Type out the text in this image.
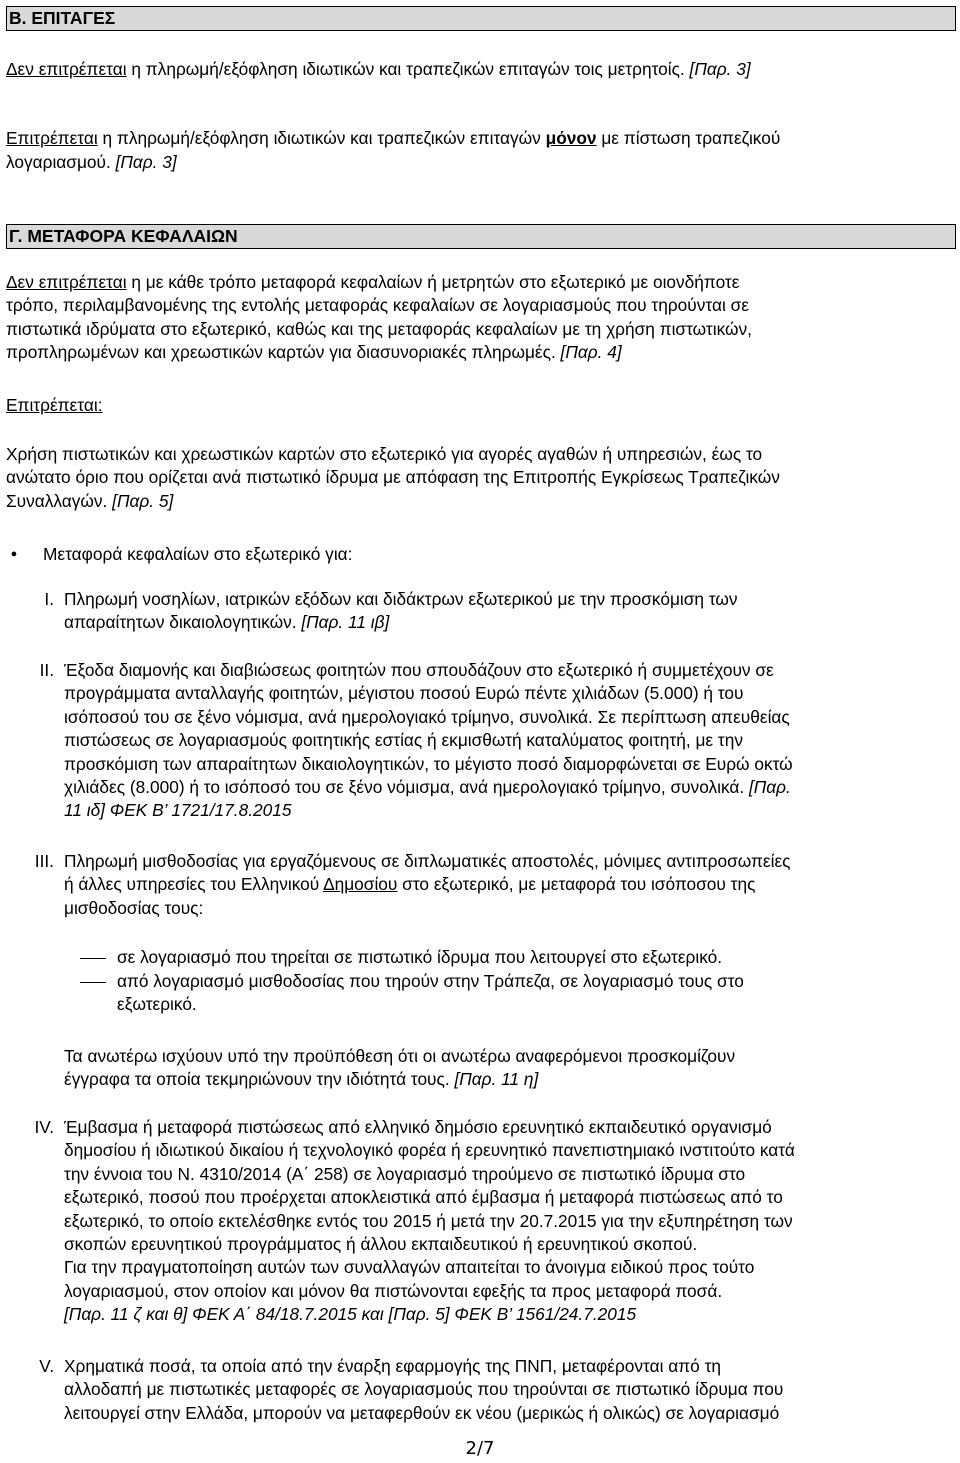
Β. ΕΠΙΤΑΓΕΣ

Δεν επιτρέπεται η πληρωμή/εξόφληση ιδιωτικών και τραπεζικών επιταγών τοις μετρητοίς. [Παρ. 3]

Επιτρέπεται η πληρωμή/εξόφληση ιδιωτικών και τραπεζικών επιταγών μόνον με πίστωση τραπεζικού

λογαριασμού. [Παρ. 3]

Γ. ΜΕΤΑΦΟΡΑ ΚΕΦΑΛΑΙΩΝ

Δεν επιτρέπεται η με κάθε τρόπο μεταφορά κεφαλαίων ή μετρητών στο εξωτερικό με οιονδήποτε

τρόπο, περιλαμβανομένης της εντολής μεταφοράς κεφαλαίων σε λογαριασμούς που τηρούνται σε

πιστωτικά ιδρύματα στο εξωτερικό, καθώς και της μεταφοράς κεφαλαίων με τη χρήση πιστωτικών,

προπληρωμένων και χρεωστικών καρτών για διασυνοριακές πληρωμές. [Παρ. 4]

Επιτρέπεται:

Χρήση πιστωτικών και χρεωστικών καρτών στο εξωτερικό για αγορές αγαθών ή υπηρεσιών, έως το

ανώτατο όριο που ορίζεται ανά πιστωτικό ίδρυμα με απόφαση της Επιτροπής Εγκρίσεως Τραπεζικών

Συναλλαγών. [Παρ. 5]

● Μεταφορά κεφαλαίων στο εξωτερικό για:
I. Πληρωμή νοσηλίων, ιατρικών εξόδων και διδάκτρων εξωτερικού με την προσκόμιση των

απαραίτητων δικαιολογητικών. [Παρ. 11 ιβ]

II. Έξοδα διαμονής και διαβιώσεως φοιτητών που σπουδάζουν στο εξωτερικό ή συμμετέχουν σε

προγράμματα ανταλλαγής φοιτητών, μέγιστου ποσού Ευρώ πέντε χιλιάδων (5.000) ή του

ισόποσού του σε ξένο νόμισμα, ανά ημερολογιακό τρίμηνο, συνολικά. Σε περίπτωση απευθείας

πιστώσεως σε λογαριασμούς φοιτητικής εστίας ή εκμισθωτή καταλύματος φοιτητή, με την

προσκόμιση των απαραίτητων δικαιολογητικών, το μέγιστο ποσό διαμορφώνεται σε Ευρώ οκτώ

χιλιάδες (8.000) ή το ισόποσό του σε ξένο νόμισμα, ανά ημερολογιακό τρίμηνο, συνολικά. [Παρ.

11 ιδ] ΦΕΚ Β’ 1721/17.8.2015

III. Πληρωμή μισθοδοσίας για εργαζόμενους σε διπλωματικές αποστολές, μόνιμες αντιπροσωπείες

ή άλλες υπηρεσίες του Ελληνικού Δημοσίου στο εξωτερικό, με μεταφορά του ισόποσου της

μισθοδοσίας τους:

σε λογαριασμό που τηρείται σε πιστωτικό ίδρυμα που λειτουργεί στο εξωτερικό.

από λογαριασμό μισθοδοσίας που τηρούν στην Τράπεζα, σε λογαριασμό τους στο

εξωτερικό.

Τα ανωτέρω ισχύουν υπό την προϋπόθεση ότι οι ανωτέρω αναφερόμενοι προσκομίζουν

έγγραφα τα οποία τεκμηριώνουν την ιδιότητά τους. [Παρ. 11 η]

IV. Έμβασμα ή μεταφορά πιστώσεως από ελληνικό δημόσιο ερευνητικό εκπαιδευτικό οργανισμό

δημοσίου ή ιδιωτικού δικαίου ή τεχνολογικό φορέα ή ερευνητικό πανεπιστημιακό ινστιτούτο κατά

την έννοια του Ν. 4310/2014 (Α΄ 258) σε λογαριασμό τηρούμενο σε πιστωτικό ίδρυμα στο

εξωτερικό, ποσού που προέρχεται αποκλειστικά από έμβασμα ή μεταφορά πιστώσεως από το

εξωτερικό, το οποίο εκτελέσθηκε εντός του 2015 ή μετά την 20.7.2015 για την εξυπηρέτηση των

σκοπών ερευνητικού προγράμματος ή άλλου εκπαιδευτικού ή ερευνητικού σκοπού.

Για την πραγματοποίηση αυτών των συναλλαγών απαιτείται το άνοιγμα ειδικού προς τούτο

λογαριασμού, στον οποίον και μόνον θα πιστώνονται εφεξής τα προς μεταφορά ποσά.

[Παρ. 11 ζ και θ] ΦΕΚ Α΄ 84/18.7.2015 και [Παρ. 5] ΦΕΚ Β’ 1561/24.7.2015

V. Χρηματικά ποσά, τα οποία από την έναρξη εφαρμογής της ΠΝΠ, μεταφέρονται από τη

αλλοδαπή με πιστωτικές μεταφορές σε λογαριασμούς που τηρούνται σε πιστωτικό ίδρυμα που

λειτουργεί στην Ελλάδα, μπορούν να μεταφερθούν εκ νέου (μερικώς ή ολικώς) σε λογαριασμό

2/7
